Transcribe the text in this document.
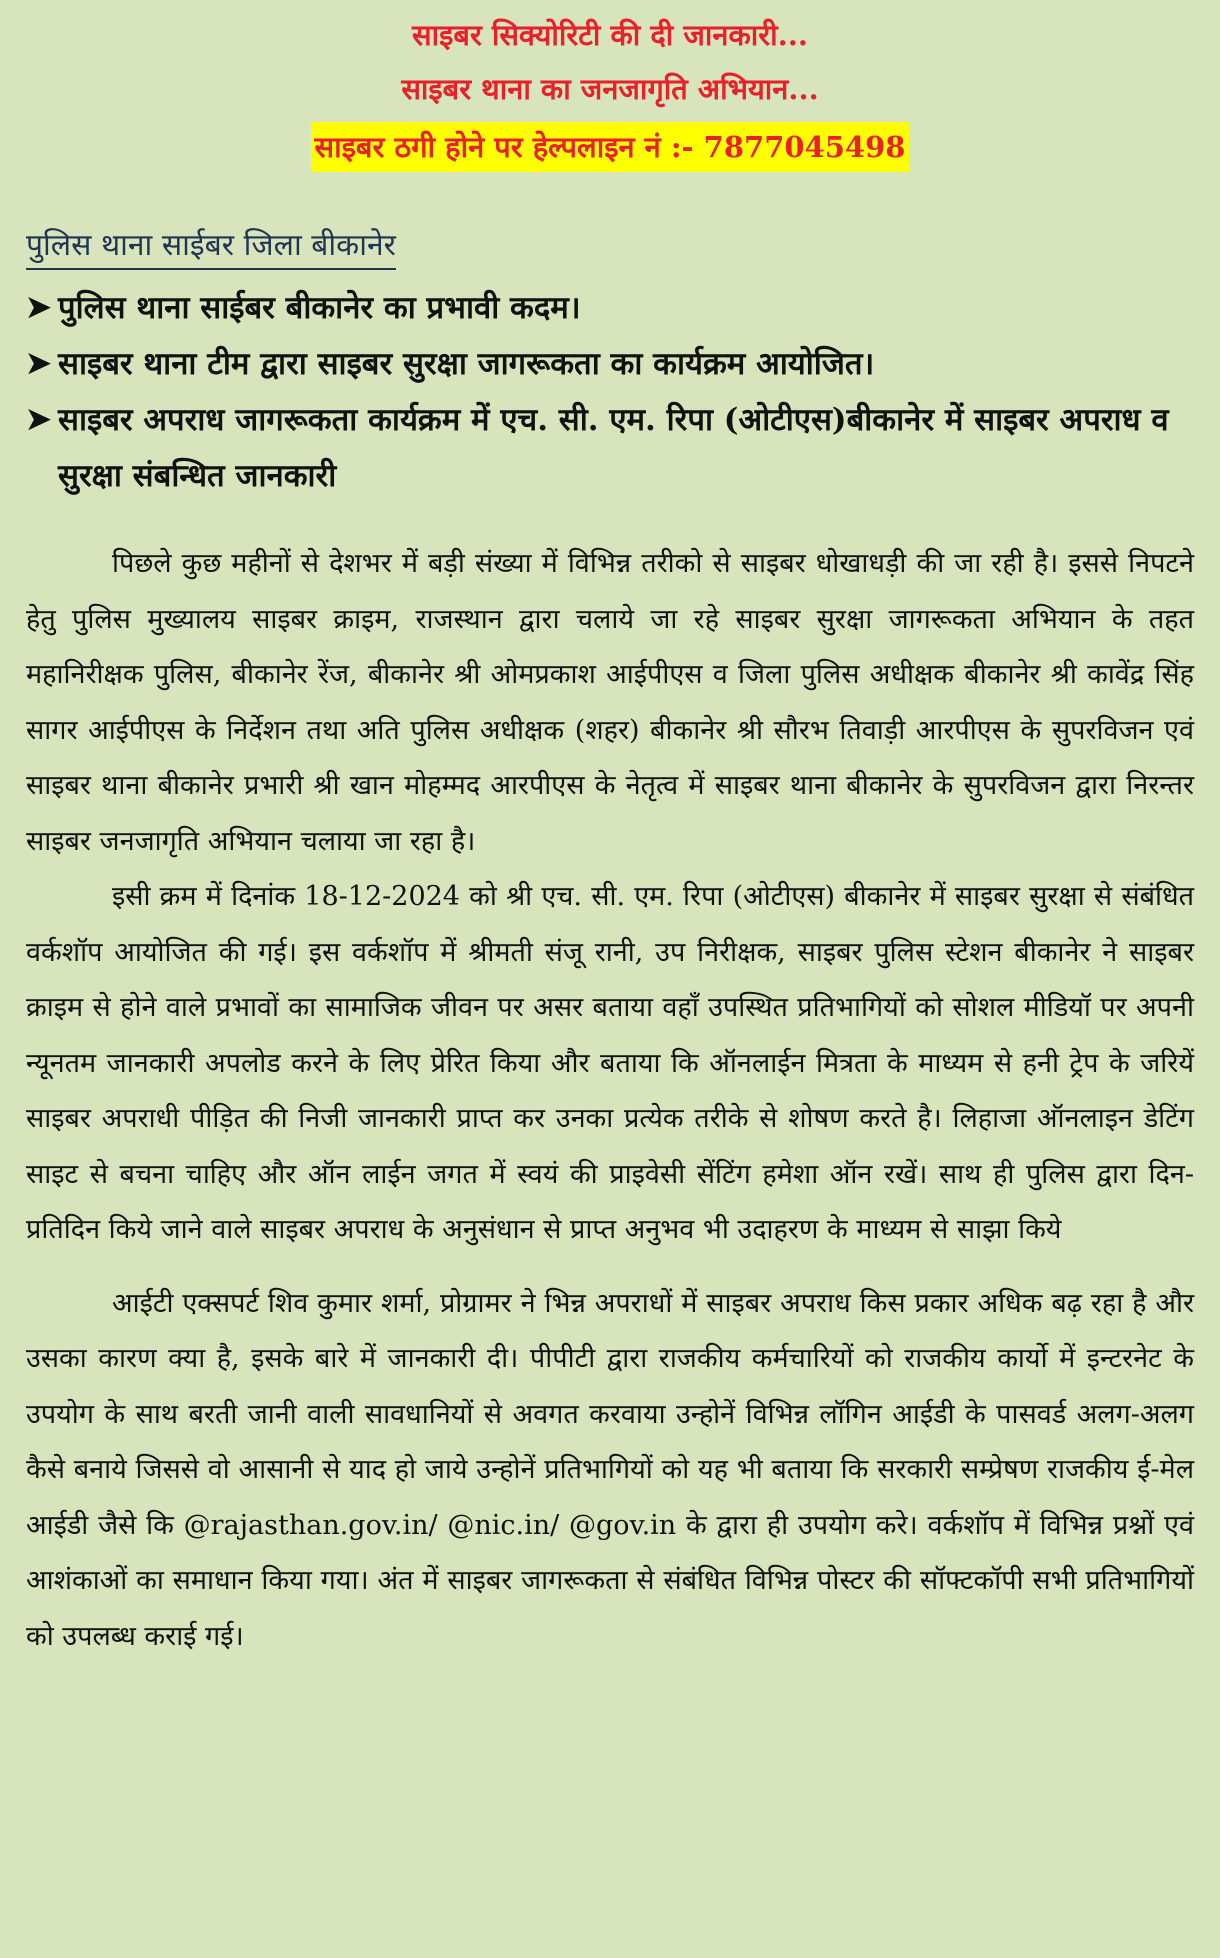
साइबर सिक्योरिटी की दी जानकारी...
साइबर थाना का जनजागृति अभियान...
साइबर ठगी होने पर हेल्पलाइन नं :- 7877045498
पुलिस थाना साईबर जिला बीकानेर
➤ पुलिस थाना साईबर बीकानेर का प्रभावी कदम।
➤ साइबर थाना टीम द्वारा साइबर सुरक्षा जागरूकता का कार्यक्रम आयोजित।
➤ साइबर अपराध जागरूकता कार्यक्रम में एच. सी. एम. रिपा (ओटीएस)बीकानेर में साइबर अपराध व सुरक्षा संबन्धित जानकारी

पिछले कुछ महीनों से देशभर में बड़ी संख्या में विभिन्न तरीको से साइबर धोखाधड़ी की जा रही है। इससे निपटने हेतु पुलिस मुख्यालय साइबर क्राइम, राजस्थान द्वारा चलाये जा रहे साइबर सुरक्षा जागरूकता अभियान के तहत महानिरीक्षक पुलिस, बीकानेर रेंज, बीकानेर श्री ओमप्रकाश आईपीएस व जिला पुलिस अधीक्षक बीकानेर श्री कावेंद्र सिंह सागर आईपीएस के निर्देशन तथा अति पुलिस अधीक्षक (शहर) बीकानेर श्री सौरभ तिवाड़ी आरपीएस के सुपरविजन एवं साइबर थाना बीकानेर प्रभारी श्री खान मोहम्मद आरपीएस के नेतृत्व में साइबर थाना बीकानेर के सुपरविजन द्वारा निरन्तर साइबर जनजागृति अभियान चलाया जा रहा है।

इसी क्रम में दिनांक 18-12-2024 को श्री एच. सी. एम. रिपा (ओटीएस) बीकानेर में साइबर सुरक्षा से संबंधित वर्कशॉप आयोजित की गई। इस वर्कशॉप में श्रीमती संजू रानी, उप निरीक्षक, साइबर पुलिस स्टेशन बीकानेर ने साइबर क्राइम से होने वाले प्रभावों का सामाजिक जीवन पर असर बताया वहाँ उपस्थित प्रतिभागियों को सोशल मीडियॉ पर अपनी न्यूनतम जानकारी अपलोड करने के लिए प्रेरित किया और बताया कि ऑनलाईन मित्रता के माध्यम से हनी ट्रेप के जरियें साइबर अपराधी पीड़ित की निजी जानकारी प्राप्त कर उनका प्रत्येक तरीके से शोषण करते है। लिहाजा ऑनलाइन डेटिंग साइट से बचना चाहिए और ऑन लाईन जगत में स्वयं की प्राइवेसी सेंटिंग हमेशा ऑन रखें। साथ ही पुलिस द्वारा दिन-प्रतिदिन किये जाने वाले साइबर अपराध के अनुसंधान से प्राप्त अनुभव भी उदाहरण के माध्यम से साझा किये

आईटी एक्सपर्ट शिव कुमार शर्मा, प्रोग्रामर ने भिन्न अपराधों में साइबर अपराध किस प्रकार अधिक बढ़ रहा है और उसका कारण क्या है, इसके बारे में जानकारी दी। पीपीटी द्वारा राजकीय कर्मचारियों को राजकीय कार्यो में इन्टरनेट के उपयोग के साथ बरती जानी वाली सावधानियों से अवगत करवाया उन्होनें विभिन्न लॉगिन आईडी के पासवर्ड अलग-अलग कैसे बनाये जिससे वो आसानी से याद हो जाये उन्होनें प्रतिभागियों को यह भी बताया कि सरकारी सम्प्रेषण राजकीय ई-मेल आईडी जैसे कि @rajasthan.gov.in/ @nic.in/ @gov.in के द्वारा ही उपयोग करे। वर्कशॉप में विभिन्न प्रश्नों एवं आशंकाओं का समाधान किया गया। अंत में साइबर जागरूकता से संबंधित विभिन्न पोस्टर की सॉफ्टकॉपी सभी प्रतिभागियों को उपलब्ध कराई गई।
